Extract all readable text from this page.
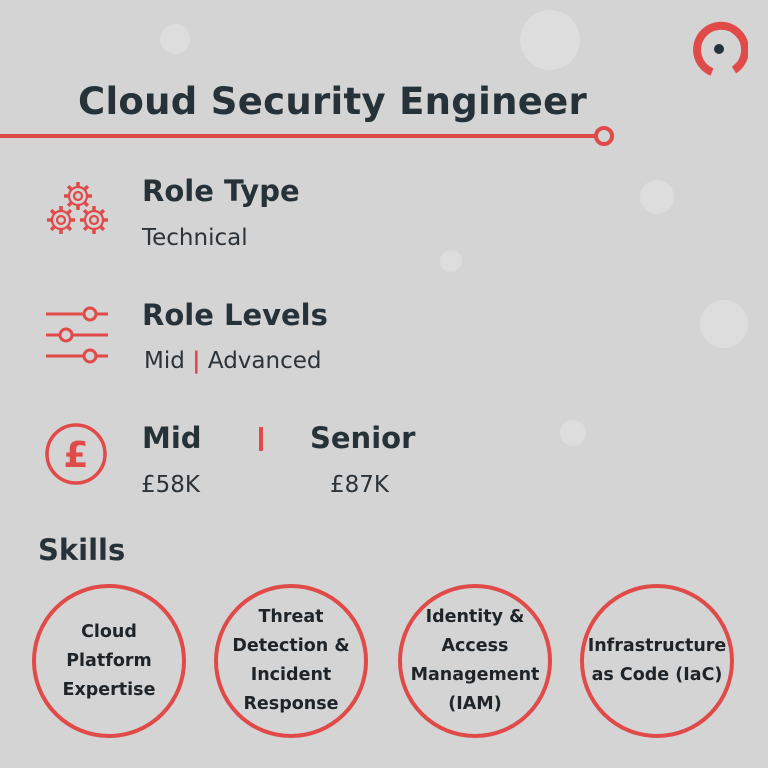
Cloud Security Engineer
Role Type
Technical
Role Levels
Mid | Advanced
£ Mid	Senior
£58K	£87K
Skills
Cloud Platform
Expertise
Threat
Detection &
Incident
Response
Identity &
Access
Management
(IAM)
Infrastructure
as Code (IaC)
